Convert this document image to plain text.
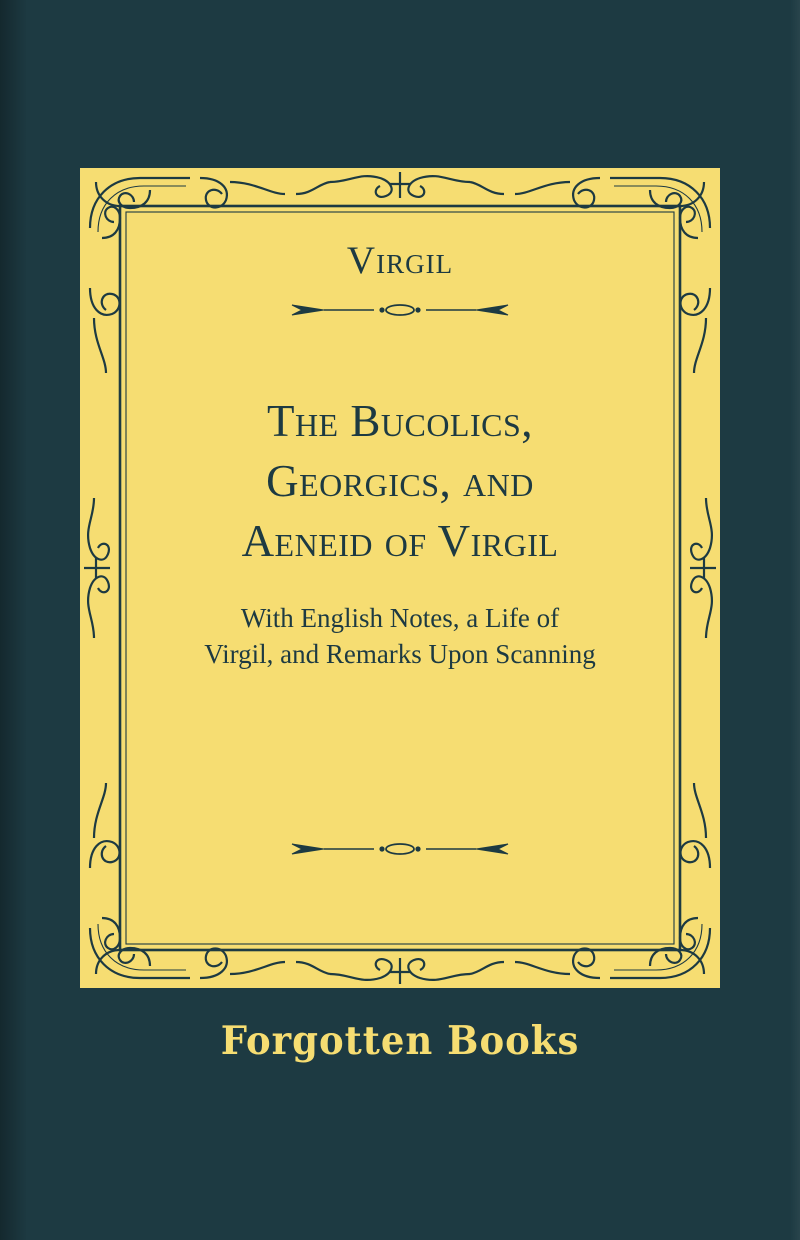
Virgil
The Bucolics,
Georgics, and
Aeneid of Virgil
With English Notes, a Life of
Virgil, and Remarks Upon Scanning
Forgotten Books
